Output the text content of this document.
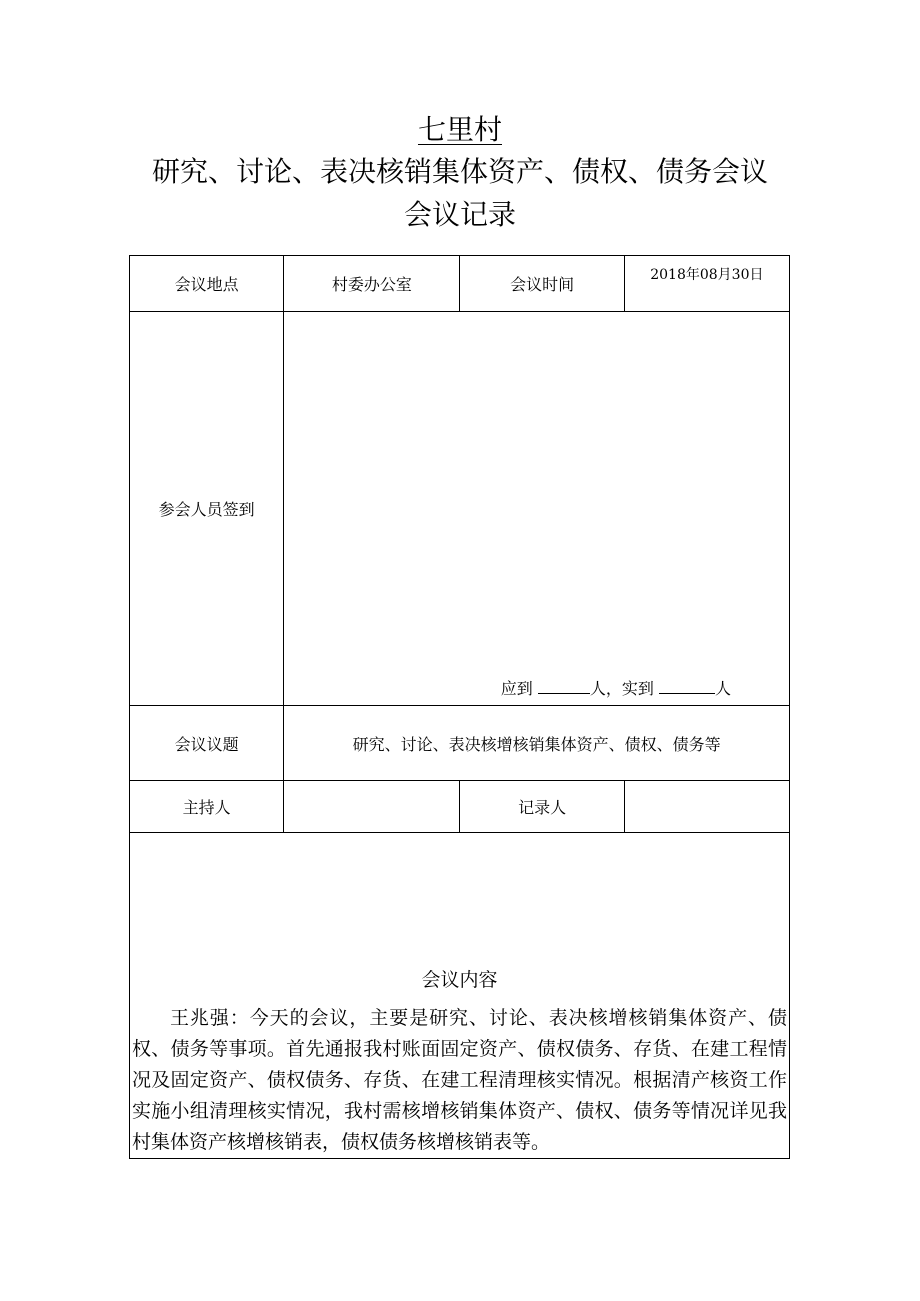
七里村
研究、讨论、表决核销集体资产、债权、债务会议
会议记录
会议地点	村委办公室	会议时间	2018年08月30日
参会人员签到	应到 人，实到 人		

会议议题	研究、讨论、表决核增核销集体资产、债权、债务等		
主持人		记录人	

会议内容
王兆强：今天的会议，主要是研究、讨论、表决核增核销集体资产、债权、债务等事项。首先通报我村账面固定资产、债权债务、存货、在建工程情况及固定资产、债权债务、存货、在建工程清理核实情况。根据清产核资工作实施小组清理核实情况，我村需核增核销集体资产、债权、债务等情况详见我村集体资产核增核销表，债权债务核增核销表等。			
